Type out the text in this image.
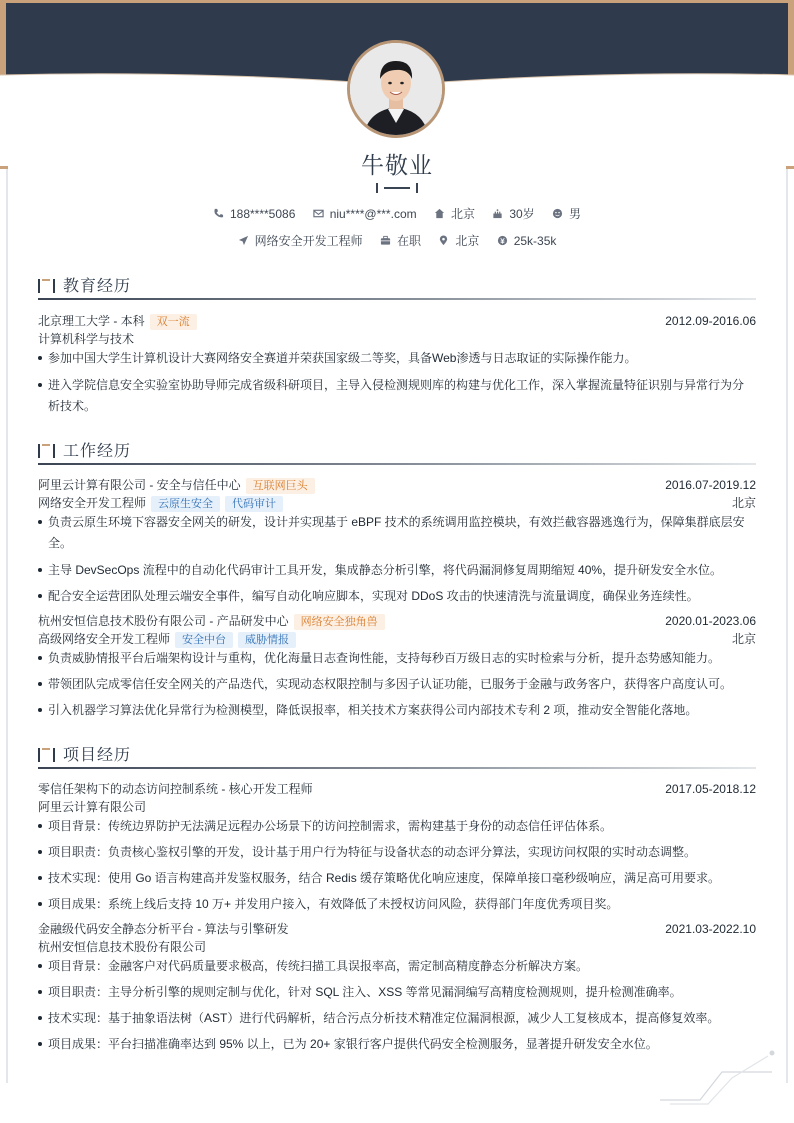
牛敬业
188****5086
	niu****@***.com
	北京
	30岁
	男
网络安全开发工程师
	在职
	北京
	25k-35k
教育经历
北京理工大学 - 本科 双一流	2012.09-2016.06
计算机科学与技术
参加中国大学生计算机设计大赛网络安全赛道并荣获国家级二等奖，具备Web渗透与日志取证的实际操作能力。
进入学院信息安全实验室协助导师完成省级科研项目，主导入侵检测规则库的构建与优化工作，深入掌握流量特征识别与异常行为分析技术。
工作经历
阿里云计算有限公司 - 安全与信任中心 互联网巨头	2016.07-2019.12
网络安全开发工程师 云原生安全 代码审计	北京
负责云原生环境下容器安全网关的研发，设计并实现基于 eBPF 技术的系统调用监控模块，有效拦截容器逃逸行为，保障集群底层安全。
主导 DevSecOps 流程中的自动化代码审计工具开发，集成静态分析引擎，将代码漏洞修复周期缩短 40%，提升研发安全水位。
配合安全运营团队处理云端安全事件，编写自动化响应脚本，实现对 DDoS 攻击的快速清洗与流量调度，确保业务连续性。
杭州安恒信息技术股份有限公司 - 产品研发中心 网络安全独角兽	2020.01-2023.06
高级网络安全开发工程师 安全中台 威胁情报	北京
负责威胁情报平台后端架构设计与重构，优化海量日志查询性能，支持每秒百万级日志的实时检索与分析，提升态势感知能力。
带领团队完成零信任安全网关的产品迭代，实现动态权限控制与多因子认证功能，已服务于金融与政务客户，获得客户高度认可。
引入机器学习算法优化异常行为检测模型，降低误报率，相关技术方案获得公司内部技术专利 2 项，推动安全智能化落地。
项目经历
零信任架构下的动态访问控制系统 - 核心开发工程师	2017.05-2018.12
阿里云计算有限公司
项目背景：传统边界防护无法满足远程办公场景下的访问控制需求，需构建基于身份的动态信任评估体系。
项目职责：负责核心鉴权引擎的开发，设计基于用户行为特征与设备状态的动态评分算法，实现访问权限的实时动态调整。
技术实现：使用 Go 语言构建高并发鉴权服务，结合 Redis 缓存策略优化响应速度，保障单接口毫秒级响应，满足高可用要求。
项目成果：系统上线后支持 10 万+ 并发用户接入，有效降低了未授权访问风险，获得部门年度优秀项目奖。
金融级代码安全静态分析平台 - 算法与引擎研发	2021.03-2022.10
杭州安恒信息技术股份有限公司
项目背景：金融客户对代码质量要求极高，传统扫描工具误报率高，需定制高精度静态分析解决方案。
项目职责：主导分析引擎的规则定制与优化，针对 SQL 注入、XSS 等常见漏洞编写高精度检测规则，提升检测准确率。
技术实现：基于抽象语法树（AST）进行代码解析，结合污点分析技术精准定位漏洞根源，减少人工复核成本，提高修复效率。
项目成果：平台扫描准确率达到 95% 以上，已为 20+ 家银行客户提供代码安全检测服务，显著提升研发安全水位。
